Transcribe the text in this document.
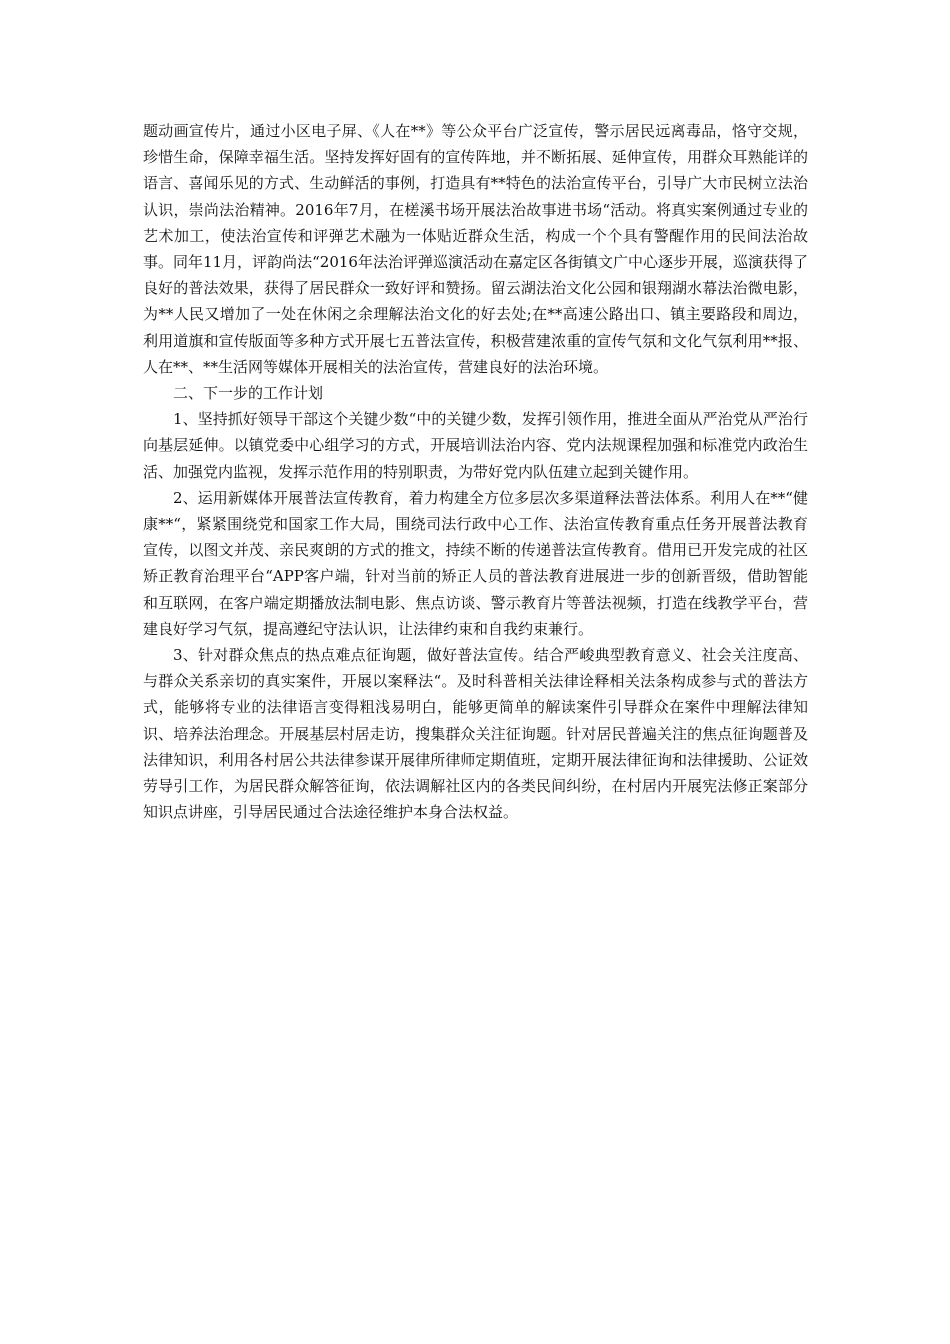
题动画宣传片，通过小区电子屏、《人在**》等公众平台广泛宣传，警示居民远离毒品，恪守交规，珍惜生命，保障幸福生活。坚持发挥好固有的宣传阵地，并不断拓展、延伸宣传，用群众耳熟能详的语言、喜闻乐见的方式、生动鲜活的事例，打造具有**特色的法治宣传平台，引导广大市民树立法治认识，崇尚法治精神。2016年7月，在槎溪书场开展法治故事进书场“活动。将真实案例通过专业的艺术加工，使法治宣传和评弹艺术融为一体贴近群众生活，构成一个个具有警醒作用的民间法治故事。同年11月，评韵尚法“2016年法治评弹巡演活动在嘉定区各街镇文广中心逐步开展，巡演获得了良好的普法效果，获得了居民群众一致好评和赞扬。留云湖法治文化公园和银翔湖水幕法治微电影，为**人民又增加了一处在休闲之余理解法治文化的好去处;在**高速公路出口、镇主要路段和周边，利用道旗和宣传版面等多种方式开展七五普法宣传，积极营建浓重的宣传气氛和文化气氛利用**报、人在**、**生活网等媒体开展相关的法治宣传，营建良好的法治环境。

二、下一步的工作计划

1、坚持抓好领导干部这个关键少数“中的关键少数，发挥引领作用，推进全面从严治党从严治行向基层延伸。以镇党委中心组学习的方式，开展培训法治内容、党内法规课程加强和标准党内政治生活、加强党内监视，发挥示范作用的特别职责，为带好党内队伍建立起到关键作用。

2、运用新媒体开展普法宣传教育，着力构建全方位多层次多渠道释法普法体系。利用人在**“健康**“，紧紧围绕党和国家工作大局，围绕司法行政中心工作、法治宣传教育重点任务开展普法教育宣传，以图文并茂、亲民爽朗的方式的推文，持续不断的传递普法宣传教育。借用已开发完成的社区矫正教育治理平台“APP客户端，针对当前的矫正人员的普法教育进展进一步的创新晋级，借助智能和互联网，在客户端定期播放法制电影、焦点访谈、警示教育片等普法视频，打造在线教学平台，营建良好学习气氛，提高遵纪守法认识，让法律约束和自我约束兼行。

3、针对群众焦点的热点难点征询题，做好普法宣传。结合严峻典型教育意义、社会关注度高、与群众关系亲切的真实案件，开展以案释法“。及时科普相关法律诠释相关法条构成参与式的普法方式，能够将专业的法律语言变得粗浅易明白，能够更简单的解读案件引导群众在案件中理解法律知识、培养法治理念。开展基层村居走访，搜集群众关注征询题。针对居民普遍关注的焦点征询题普及法律知识，利用各村居公共法律参谋开展律所律师定期值班，定期开展法律征询和法律援助、公证效劳导引工作，为居民群众解答征询，依法调解社区内的各类民间纠纷，在村居内开展宪法修正案部分知识点讲座，引导居民通过合法途径维护本身合法权益。
